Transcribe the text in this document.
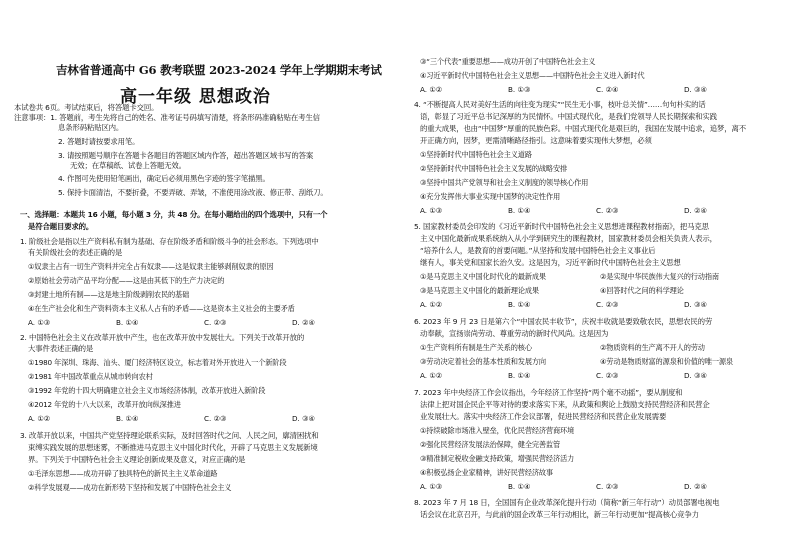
吉林省普通高中 G6 教考联盟 2023-2024 学年上学期期末考试
高一年级 思想政治
本试卷共 6页。考试结束后，将答题卡交回。
注意事项：1. 答题前，考生先将自己的姓名、准考证号码填写清楚，将条形码准确粘贴在考生信
息条形码粘贴区内。
2. 答题时请按要求用笔。
3. 请按照题号顺序在答题卡各题目的答题区域内作答，超出答题区域书写的答案
无效；在草稿纸、试卷上答题无效。
4. 作图可先使用铅笔画出，确定后必须用黑色字迹的签字笔描黑。
5. 保持卡面清洁，不要折叠，不要弄破、弄皱，不准使用涂改液、修正带、刮纸刀。
一、选择题：本题共 16 小题，每小题 3 分，共 48 分。在每小题给出的四个选项中，只有一个
是符合题目要求的。
1. 阶级社会是指以生产资料私有制为基础、存在阶级矛盾和阶级斗争的社会形态。下列选项中
有关阶级社会的表述正确的是
①奴隶主占有一切生产资料并完全占有奴隶——这是奴隶主能够剥削奴隶的原因
②原始社会劳动产品平均分配——这是由其低下的生产力决定的
③封建土地所有制——这是地主阶级剥削农民的基础
④在生产社会化和生产资料资本主义私人占有的矛盾——这是资本主义社会的主要矛盾
A. ①③	B. ①④	C. ②③	D. ②④
2. 中国特色社会主义在改革开放中产生，也在改革开放中发展壮大。下列关于改革开放的
大事件表述正确的是
①1980 年深圳、珠海、汕头、厦门经济特区设立，标志着对外开放进入一个新阶段
②1981 年中国改革重点从城市转向农村
③1992 年党的十四大明确建立社会主义市场经济体制，改革开放进入新阶段
④2012 年党的十八大以来，改革开放向纵深推进
A. ①②	B. ①④	C. ②③	D. ③④
3. 改革开放以来，中国共产党坚持理论联系实际，及时回答时代之问、人民之问，廓清困扰和
束缚实践发展的思想迷雾，不断推进马克思主义中国化时代化，开辟了马克思主义发展新境
界。下列关于中国特色社会主义理论创新成果及意义，对应正确的是
①毛泽东思想——成功开辟了独具特色的新民主主义革命道路
②科学发展观——成功在新形势下坚持和发展了中国特色社会主义
③“三个代表”重要思想——成功开创了中国特色社会主义
④习近平新时代中国特色社会主义思想——中国特色社会主义进入新时代
A. ①②	B. ①③	C. ②④	D. ③④
4. “不断提高人民对美好生活的向往变为现实”“民生无小事，枝叶总关情”……句句朴实的话
语，彰显了习近平总书记深厚的为民情怀。中国式现代化，是我们党领导人民长期探索和实践
的重大成果，也由“中国梦”厚重的民族色彩。中国式现代化是艰巨的，我国在发展中追求，追梦，离不
开正确方向，因梦，更需清晰路径指引。这意味着要实现伟大梦想，必须
①坚持新时代中国特色社会主义道路
②坚持新时代中国特色社会主义发展的战略安排
③坚持中国共产党领导和社会主义制度的领导核心作用
④充分发挥伟大事业实现中国梦的决定性作用
A. ①③	B. ①④	C. ②③	D. ②④
5. 国家教材委员会印发的《习近平新时代中国特色社会主义思想进课程教材指南》，把马克思
主义中国化最新成果系统纳入从小学到研究生的课程教材，国家教材委员会相关负责人表示，
“培养什么人，是教育的首要问题。”从坚持和发展中国特色社会主义事业后
继有人，事关党和国家长治久安。这是因为，习近平新时代中国特色社会主义思想
①是马克思主义中国化时代化的最新成果	②是实现中华民族伟大复兴的行动指南
③是马克思主义中国化的最新理论成果	④回答时代之问的科学理论
A. ①②	B. ①④	C. ②③	D. ③④
6. 2023 年 9 月 23 日是第六个“中国农民丰收节”，庆祝丰收就是要致敬农民，思想农民的劳
动奉献，宣扬崇尚劳动、尊重劳动的新时代风尚。这是因为
①生产资料所有制是生产关系的核心	②物质资料的生产离不开人的劳动
③劳动决定着社会的基本性质和发展方向	④劳动是物质财富的源泉和价值的唯一源泉
A. ①②	B. ①④	C. ②③	D. ③④
7. 2023 年中央经济工作会议指出，今年经济工作坚持“两个毫不动摇”，要从制度和
法律上把对国企民企平等对待的要求落实下来，从政策和舆论上鼓励支持民营经济和民营企
业发展壮大。落实中央经济工作会议部署，促进民营经济和民营企业发展需要
①持续破除市场准入壁垒，优化民营经济营商环境
②强化民营经济发展法治保障，健全完善监管
③精准制定税收金融支持政策，增强民营经济活力
④积极弘扬企业家精神，讲好民营经济故事
A. ①③	B. ①④	C. ②③	D. ②④
8. 2023 年 7 月 18 日，全国国有企业改革深化提升行动（简称“新三年行动”）动员部署电视电
话会议在北京召开，与此前的国企改革三年行动相比，新三年行动更加“提高核心竞争力
